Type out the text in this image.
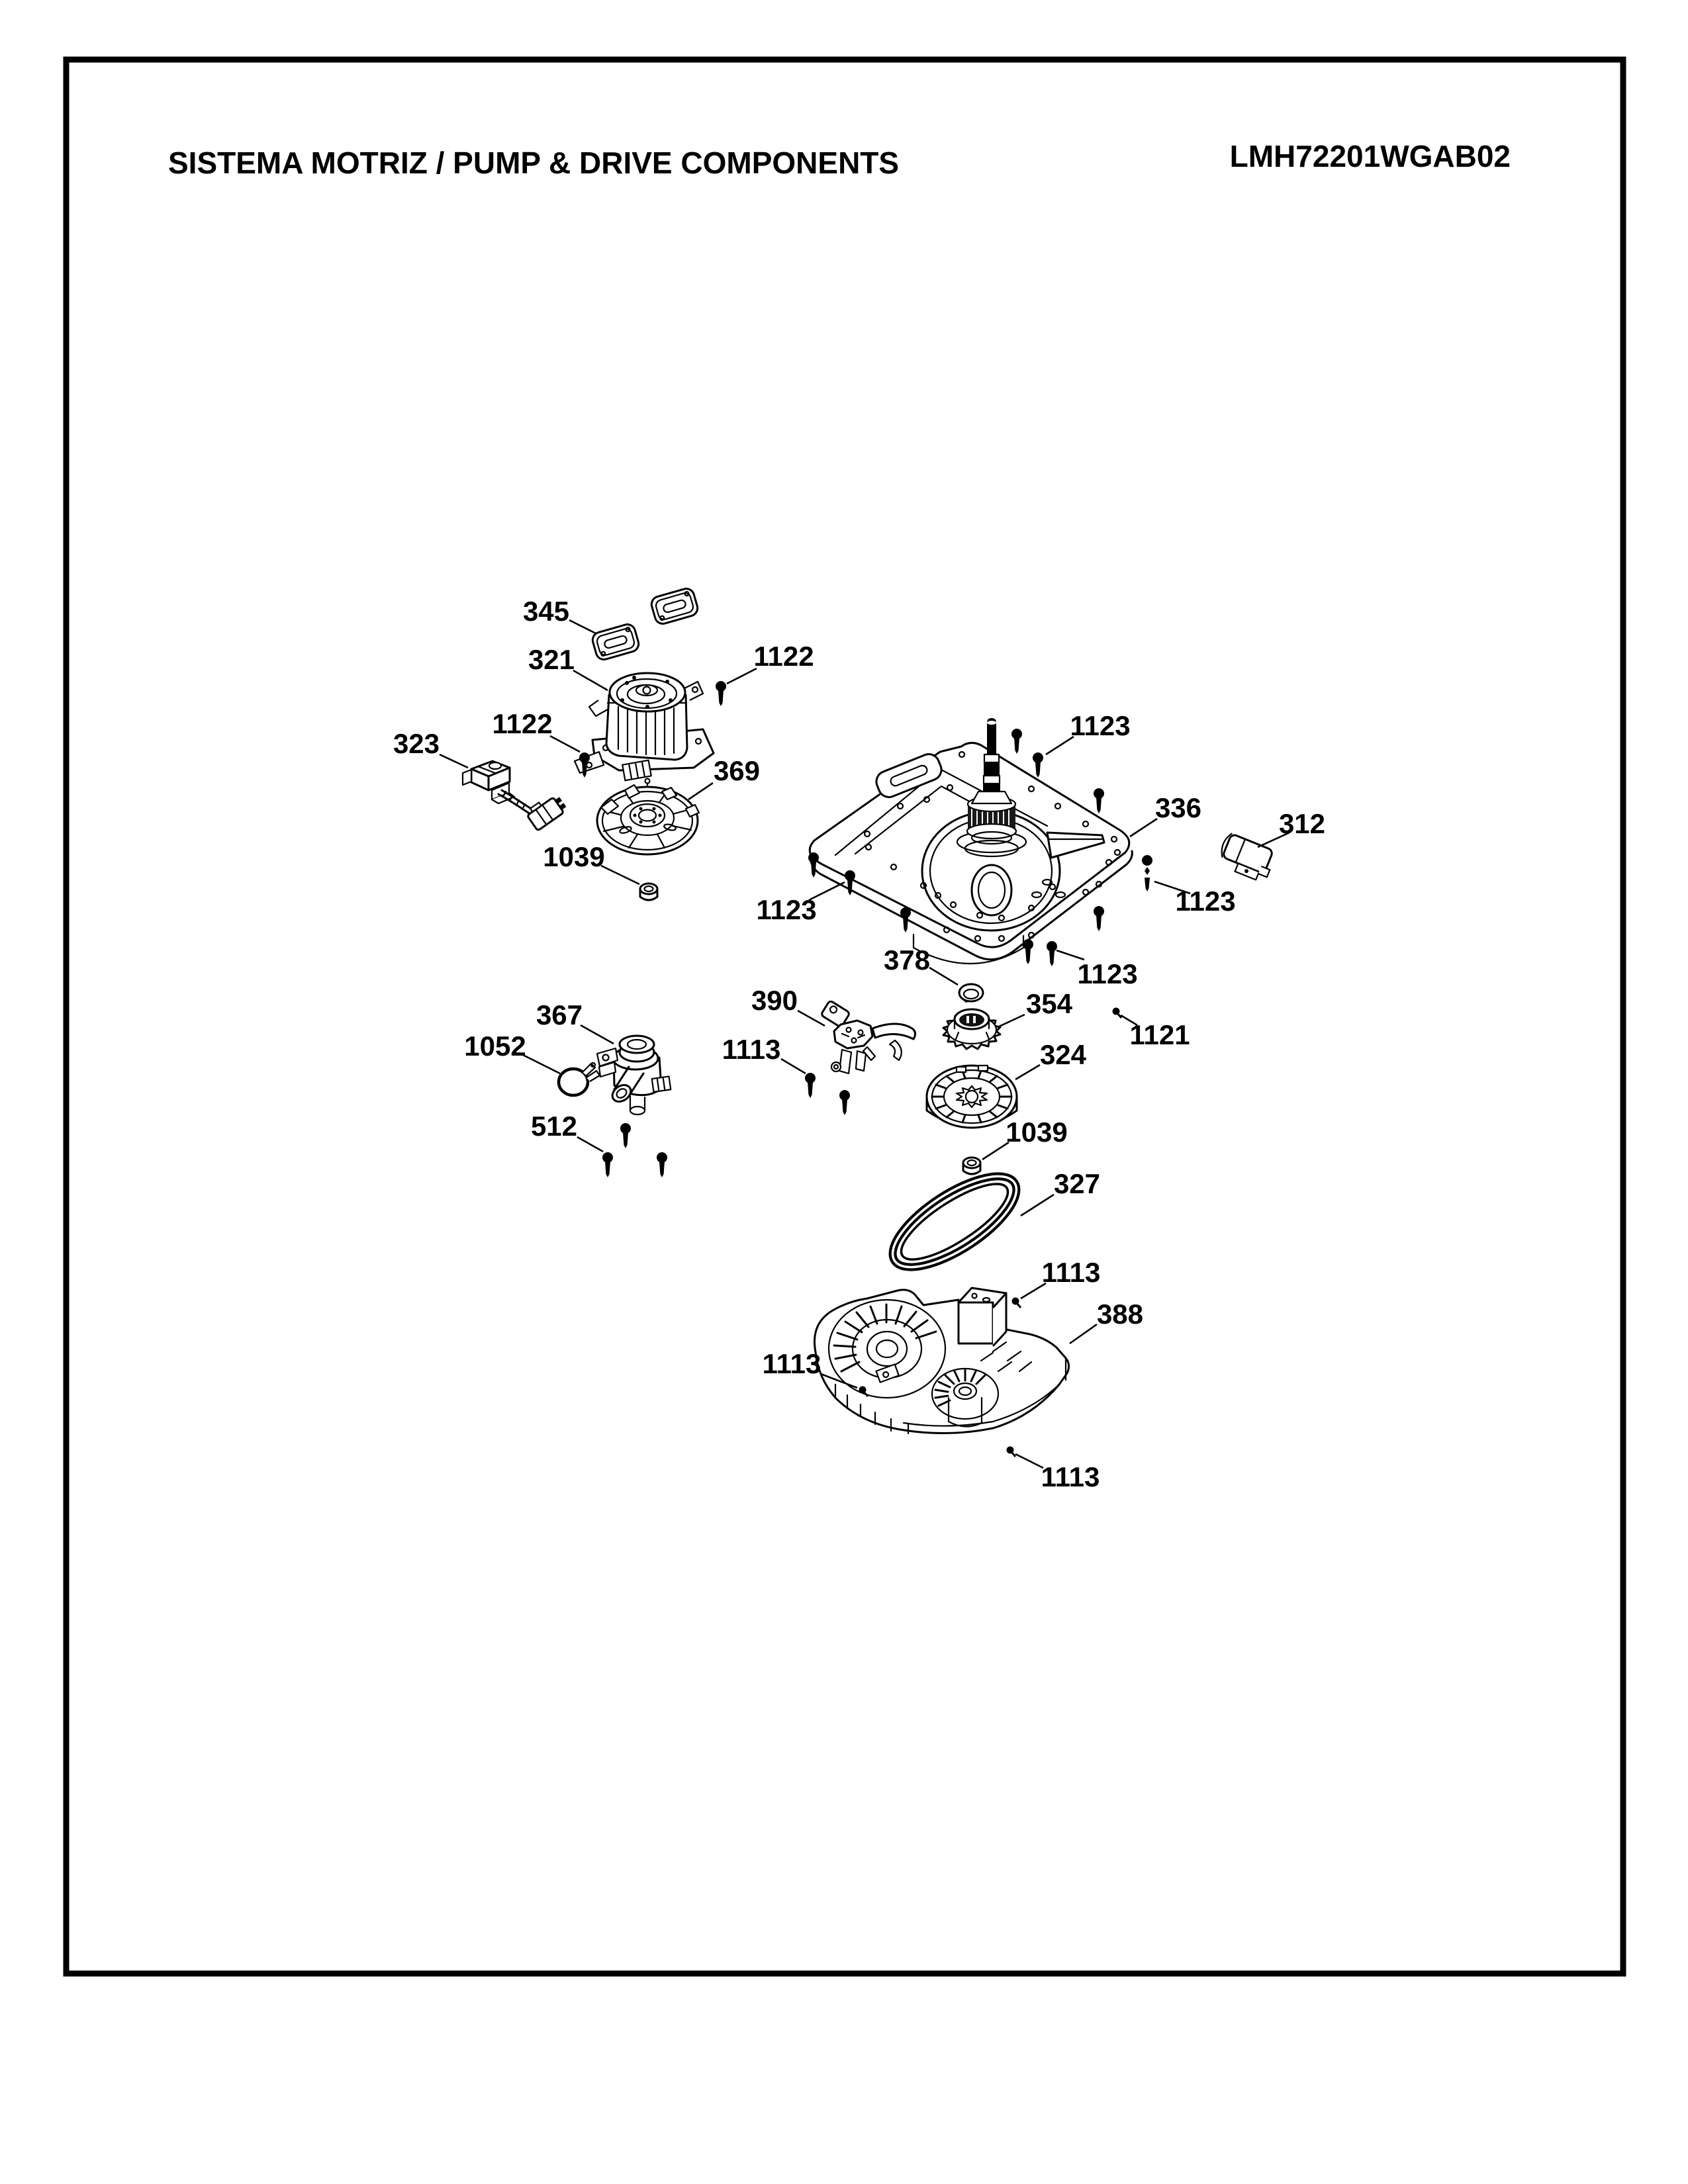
SISTEMA MOTRIZ / PUMP & DRIVE COMPONENTS	LMH72201WGAB02
345
321	1122
1122
323
369
1039
1123
336
312
1123
1123
378	1123
390	354
367
1052	1113	1121
324
512	1039
327
1113
388
1113
1113
